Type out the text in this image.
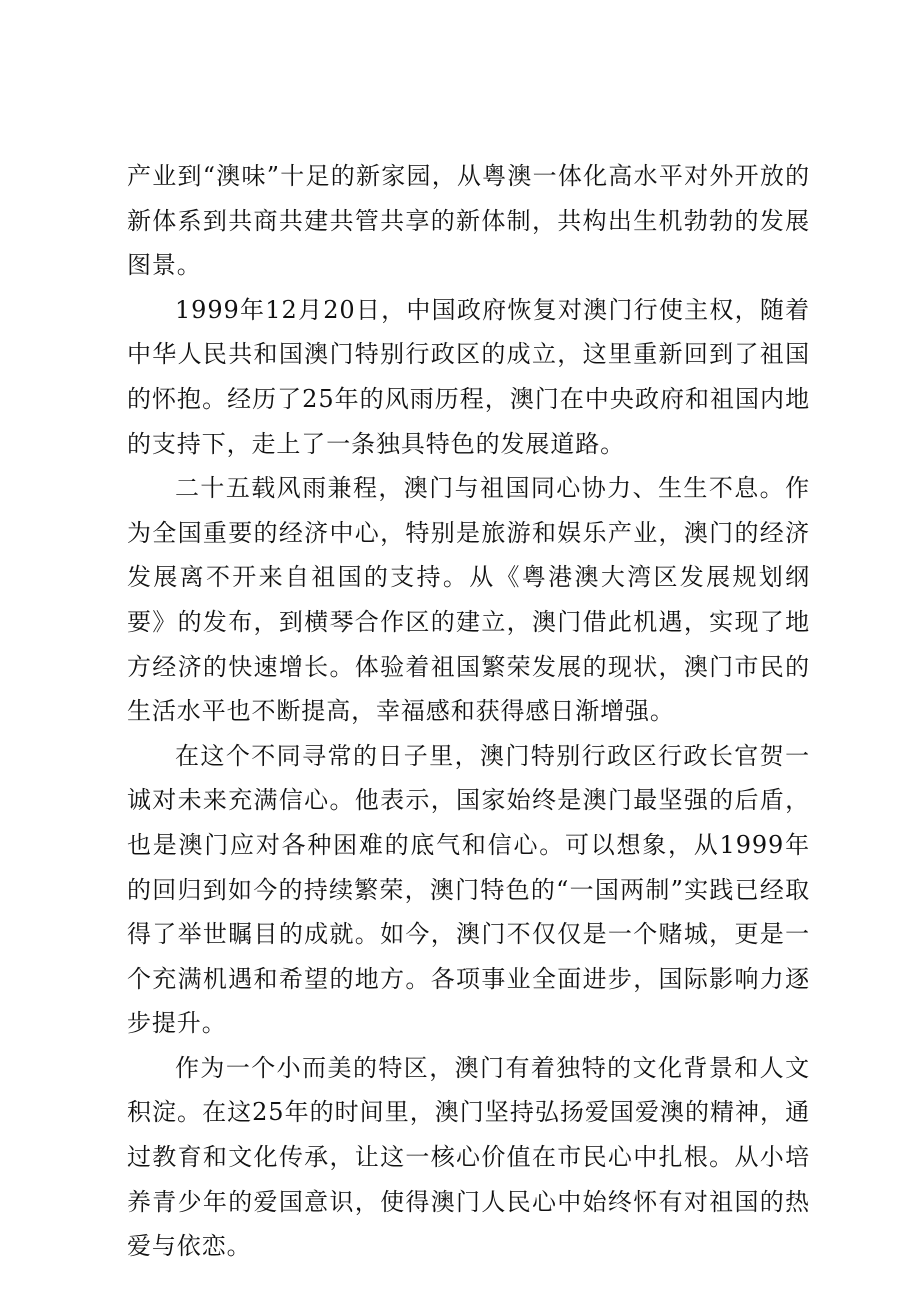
产业到“澳味”十足的新家园，从粤澳一体化高水平对外开放的新体系到共商共建共管共享的新体制，共构出生机勃勃的发展图景。

1999年12月20日，中国政府恢复对澳门行使主权，随着中华人民共和国澳门特别行政区的成立，这里重新回到了祖国的怀抱。经历了25年的风雨历程，澳门在中央政府和祖国内地的支持下，走上了一条独具特色的发展道路。

二十五载风雨兼程，澳门与祖国同心协力、生生不息。作为全国重要的经济中心，特别是旅游和娱乐产业，澳门的经济发展离不开来自祖国的支持。从《粤港澳大湾区发展规划纲要》的发布，到横琴合作区的建立，澳门借此机遇，实现了地方经济的快速增长。体验着祖国繁荣发展的现状，澳门市民的生活水平也不断提高，幸福感和获得感日渐增强。

在这个不同寻常的日子里，澳门特别行政区行政长官贺一诚对未来充满信心。他表示，国家始终是澳门最坚强的后盾，也是澳门应对各种困难的底气和信心。可以想象，从1999年的回归到如今的持续繁荣，澳门特色的“一国两制”实践已经取得了举世瞩目的成就。如今，澳门不仅仅是一个赌城，更是一个充满机遇和希望的地方。各项事业全面进步，国际影响力逐步提升。

作为一个小而美的特区，澳门有着独特的文化背景和人文积淀。在这25年的时间里，澳门坚持弘扬爱国爱澳的精神，通过教育和文化传承，让这一核心价值在市民心中扎根。从小培养青少年的爱国意识，使得澳门人民心中始终怀有对祖国的热爱与依恋。
